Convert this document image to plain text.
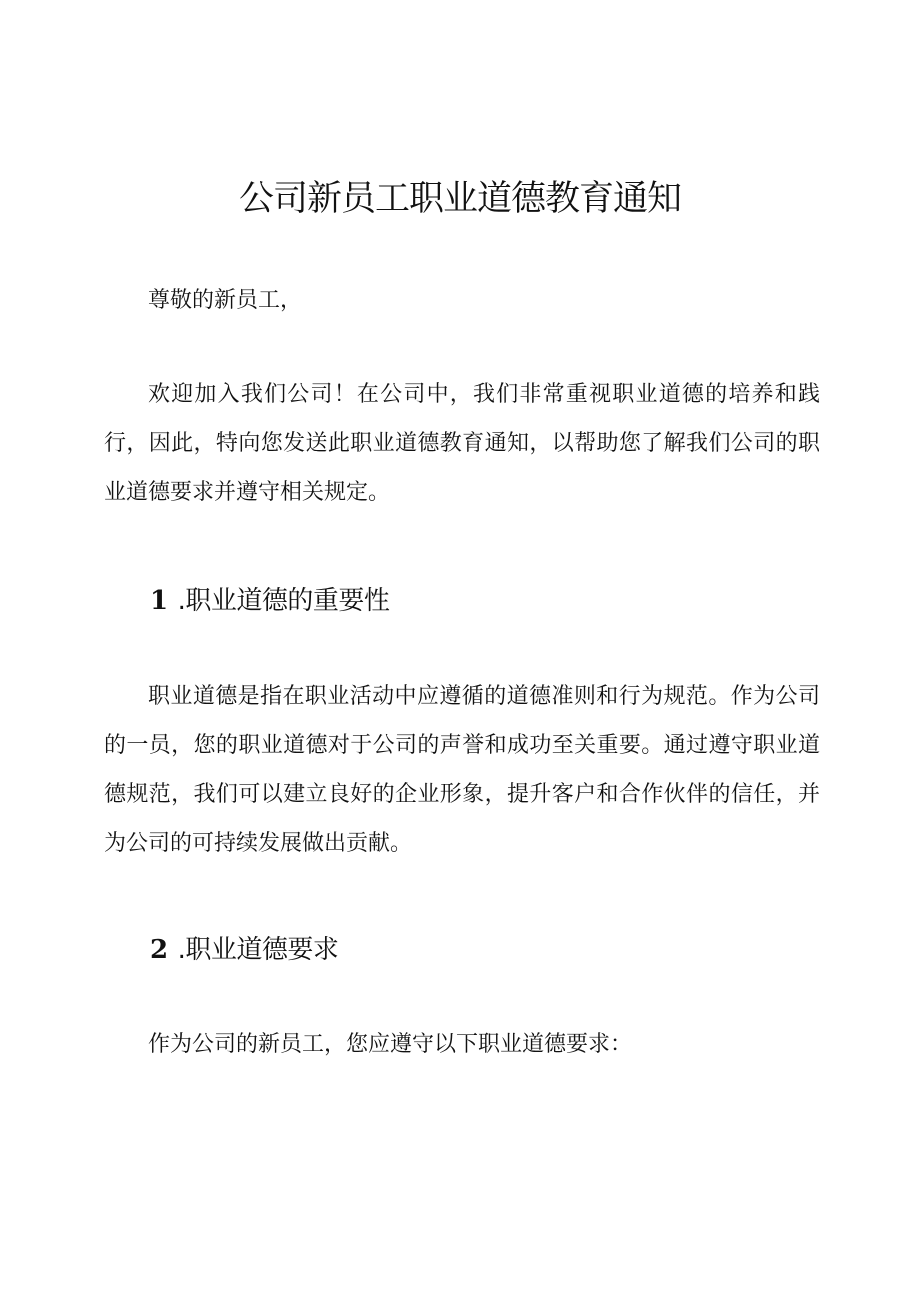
公司新员工职业道德教育通知

尊敬的新员工，

欢迎加入我们公司！在公司中，我们非常重视职业道德的培养和践行，因此，特向您发送此职业道德教育通知，以帮助您了解我们公司的职业道德要求并遵守相关规定。

1 .职业道德的重要性

职业道德是指在职业活动中应遵循的道德准则和行为规范。作为公司的一员，您的职业道德对于公司的声誉和成功至关重要。通过遵守职业道德规范，我们可以建立良好的企业形象，提升客户和合作伙伴的信任，并为公司的可持续发展做出贡献。

2 .职业道德要求

作为公司的新员工，您应遵守以下职业道德要求：
